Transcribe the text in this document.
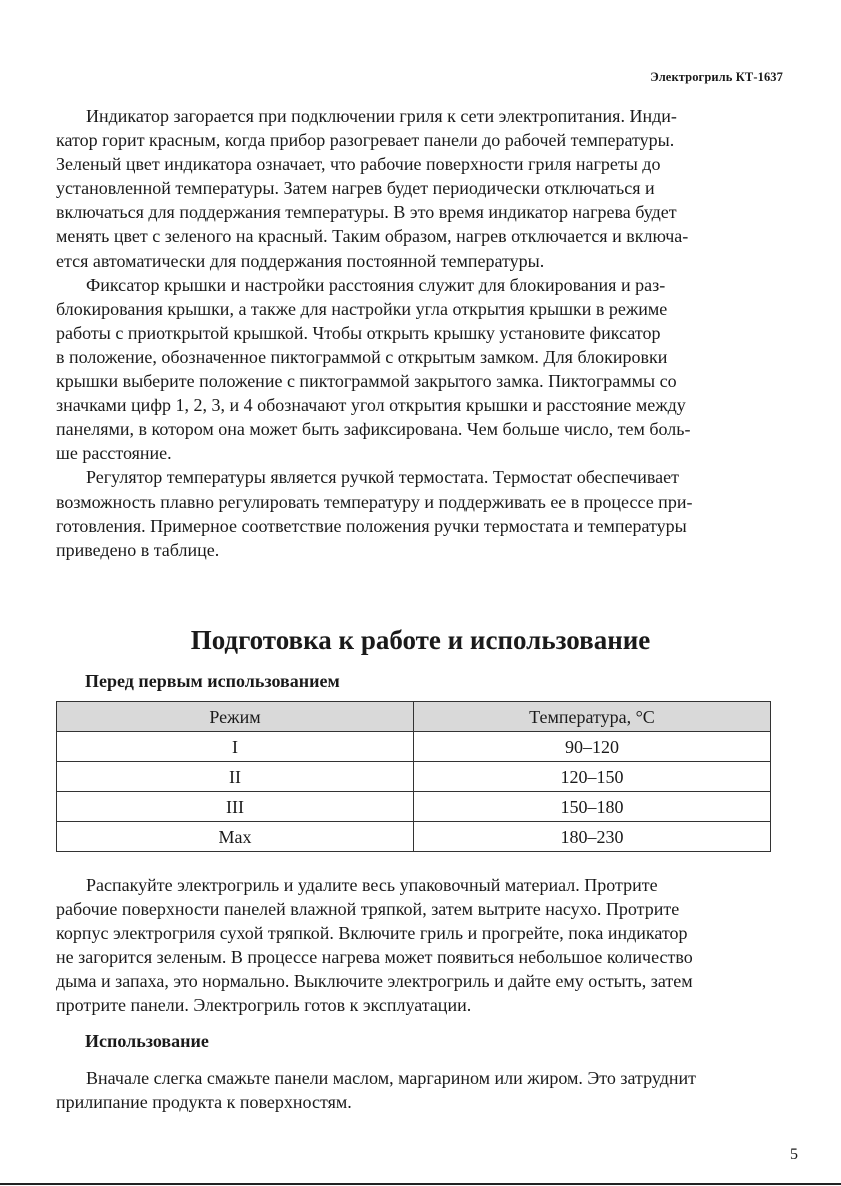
Электрогриль КТ-1637
Индикатор загорается при подключении гриля к сети электропитания. Инди-
катор горит красным, когда прибор разогревает панели до рабочей температуры.
Зеленый цвет индикатора означает, что рабочие поверхности гриля нагреты до
установленной температуры. Затем нагрев будет периодически отключаться и
включаться для поддержания температуры. В это время индикатор нагрева будет
менять цвет с зеленого на красный. Таким образом, нагрев отключается и включа-
ется автоматически для поддержания постоянной температуры.
Фиксатор крышки и настройки расстояния служит для блокирования и раз-
блокирования крышки, а также для настройки угла открытия крышки в режиме
работы с приоткрытой крышкой. Чтобы открыть крышку установите фиксатор
в положение, обозначенное пиктограммой с открытым замком. Для блокировки
крышки выберите положение с пиктограммой закрытого замка. Пиктограммы со
значками цифр 1, 2, 3, и 4 обозначают угол открытия крышки и расстояние между
панелями, в котором она может быть зафиксирована. Чем больше число, тем боль-
ше расстояние.
Регулятор температуры является ручкой термостата. Термостат обеспечивает
возможность плавно регулировать температуру и поддерживать ее в процессе при-
готовления. Примерное соответствие положения ручки термостата и температуры
приведено в таблице.
Подготовка к работе и использование
Перед первым использованием
Режим	Температура, °С
I	90–120
II	120–150
III	150–180
Max	180–230
Распакуйте электрогриль и удалите весь упаковочный материал. Протрите
рабочие поверхности панелей влажной тряпкой, затем вытрите насухо. Протрите
корпус электрогриля сухой тряпкой. Включите гриль и прогрейте, пока индикатор
не загорится зеленым. В процессе нагрева может появиться небольшое количество
дыма и запаха, это нормально. Выключите электрогриль и дайте ему остыть, затем
протрите панели. Электрогриль готов к эксплуатации.
Использование
Вначале слегка смажьте панели маслом, маргарином или жиром. Это затруднит
прилипание продукта к поверхностям.
5
